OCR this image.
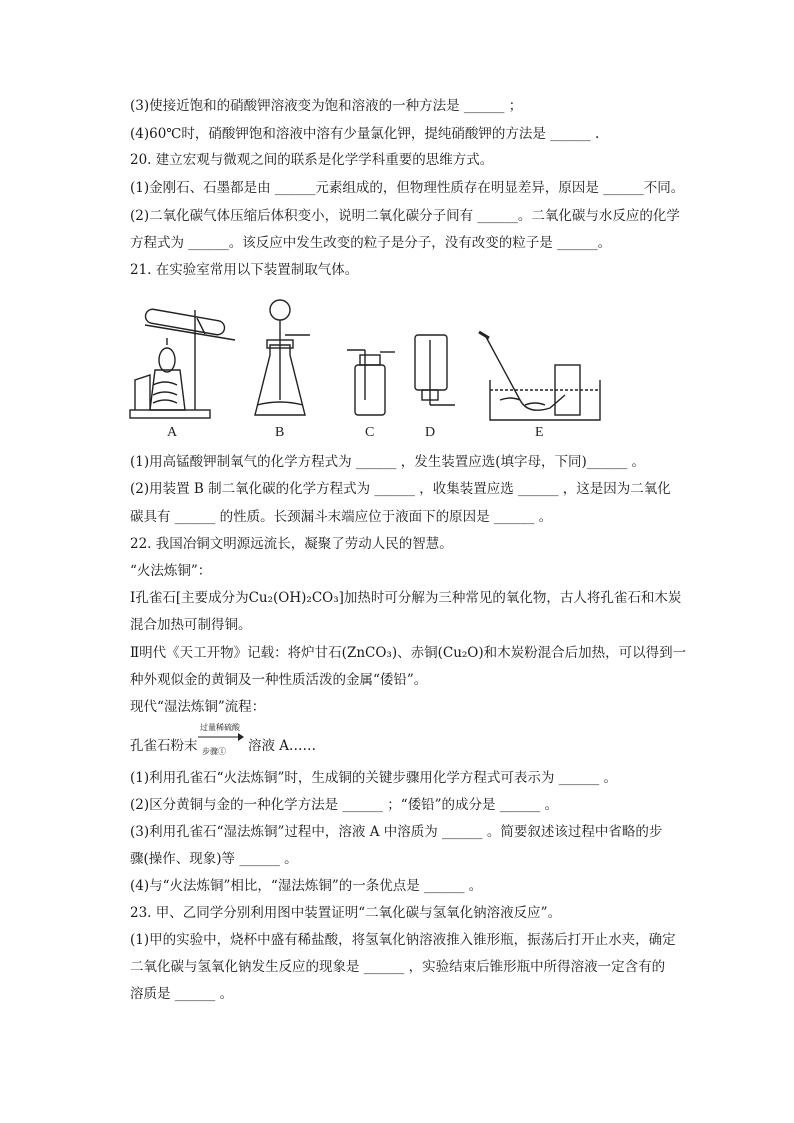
(3)使接近饱和的硝酸钾溶液变为饱和溶液的一种方法是 ______ ；
(4)60℃时，硝酸钾饱和溶液中溶有少量氯化钾，提纯硝酸钾的方法是 ______ .
20. 建立宏观与微观之间的联系是化学学科重要的思维方式。
(1)金刚石、石墨都是由 ______元素组成的，但物理性质存在明显差异，原因是 ______不同。
(2)二氧化碳气体压缩后体积变小，说明二氧化碳分子间有 ______。二氧化碳与水反应的化学
方程式为 ______。该反应中发生改变的粒子是分子，没有改变的粒子是 ______。
21. 在实验室常用以下装置制取气体。
(1)用高锰酸钾制氧气的化学方程式为 ______ ，发生装置应选(填字母，下同)______ 。
(2)用装置 B 制二氧化碳的化学方程式为 ______ ，收集装置应选 ______ ，这是因为二氧化
碳具有 ______ 的性质。长颈漏斗末端应位于液面下的原因是 ______ 。
22. 我国冶铜文明源远流长，凝聚了劳动人民的智慧。
“火法炼铜”：
Ⅰ孔雀石[主要成分为Cu₂(OH)₂CO₃]加热时可分解为三种常见的氧化物，古人将孔雀石和木炭
混合加热可制得铜。
Ⅱ明代《天工开物》记载：将炉甘石(ZnCO₃)、赤铜(Cu₂O)和木炭粉混合后加热，可以得到一
种外观似金的黄铜及一种性质活泼的金属“倭铅”。
现代“湿法炼铜”流程：
(1)利用孔雀石“火法炼铜”时，生成铜的关键步骤用化学方程式可表示为 ______ 。
(2)区分黄铜与金的一种化学方法是 ______ ；“倭铅”的成分是 ______ 。
(3)利用孔雀石“湿法炼铜”过程中，溶液 A 中溶质为 ______ 。简要叙述该过程中省略的步
骤(操作、现象)等 ______ 。
(4)与“火法炼铜”相比，“湿法炼铜”的一条优点是 ______ 。
23. 甲、乙同学分别利用图中装置证明“二氧化碳与氢氧化钠溶液反应”。
(1)甲的实验中，烧杯中盛有稀盐酸，将氢氧化钠溶液推入锥形瓶，振荡后打开止水夹，确定
二氧化碳与氢氧化钠发生反应的现象是 ______ ，实验结束后锥形瓶中所得溶液一定含有的
溶质是 ______ 。
A	B	C	D	E
孔雀石粉末
过量稀硫酸
步骤① 溶液 A……
